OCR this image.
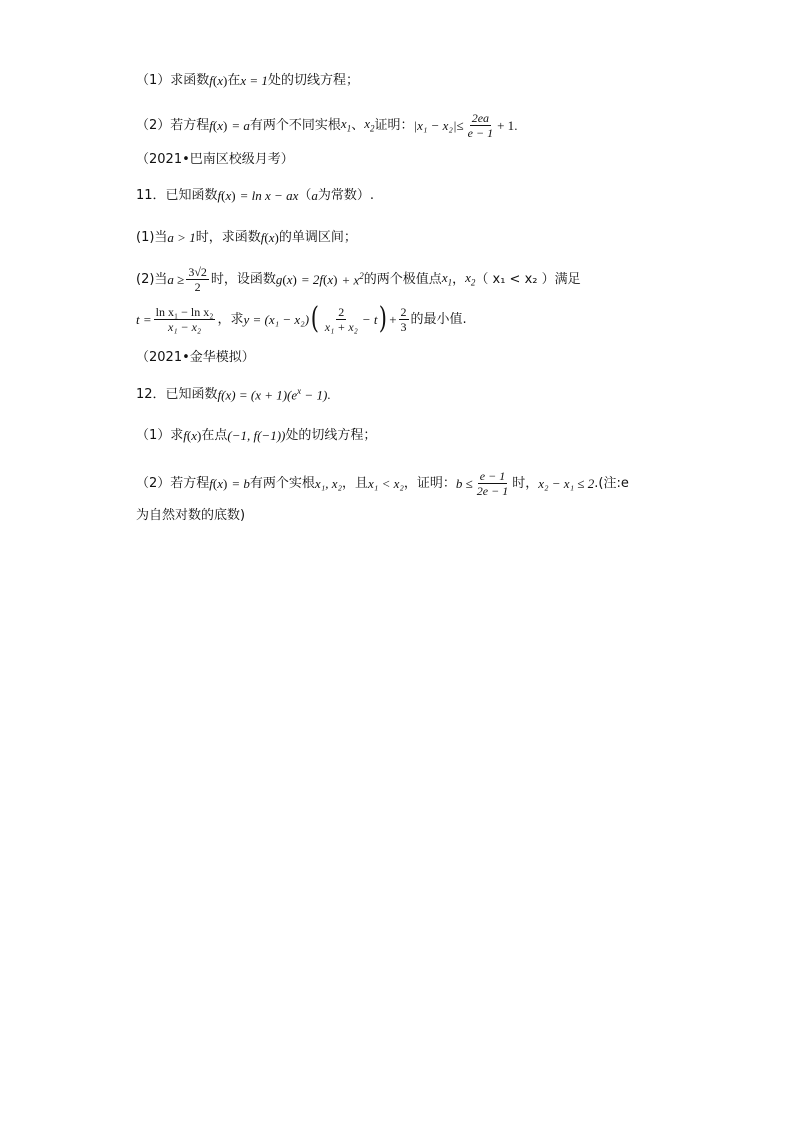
（1）求函数 f ( x ) 在 x = 1 处的切线方程；
（2）若方程 f ( x ) = a 有两个不同实根 $x_1$ 、 $x_2$ 证明： $|x_1 - x_2| \le \frac{2ea}{e - 1} + 1$ .
（2021•巴南区校级月考）
11．已知函数 f ( x ) = ln x − ax （ a 为常数）.
(1)当 a > 1 时，求函数 f ( x ) 的单调区间；
(2)当 $a \ge \frac{3√2}{2}$ 时，设函数 g ( x ) = 2f ( x ) + $x^2$ 的两个极值点 $x_1$ ， $x_2$ （ x₁ < x₂ ）满足
$t = \frac{\text{ln x₁ − ln x₂}}{\text{x₁ − x₂}}$ ，求 y = (x₁ − x₂) ( $\frac{2}{\text{x₁ + x₂}} - t$ ) + $\frac{2}{3}$ 的最小值.
（2021•金华模拟）
12．已知函数 $f(x) = (x + 1)(e^x - 1)$ .
（1）求 f ( x ) 在点 (−1, f(−1)) 处的切线方程；
（2）若方程 f ( x ) = b 有两个实根 x₁, x₂ ，且 x₁ < x₂ ，证明： $b \le \frac{e - 1}{2e - 1}$ 时， x₂ − x₁ ≤ 2 .(注:e
为自然对数的底数)
